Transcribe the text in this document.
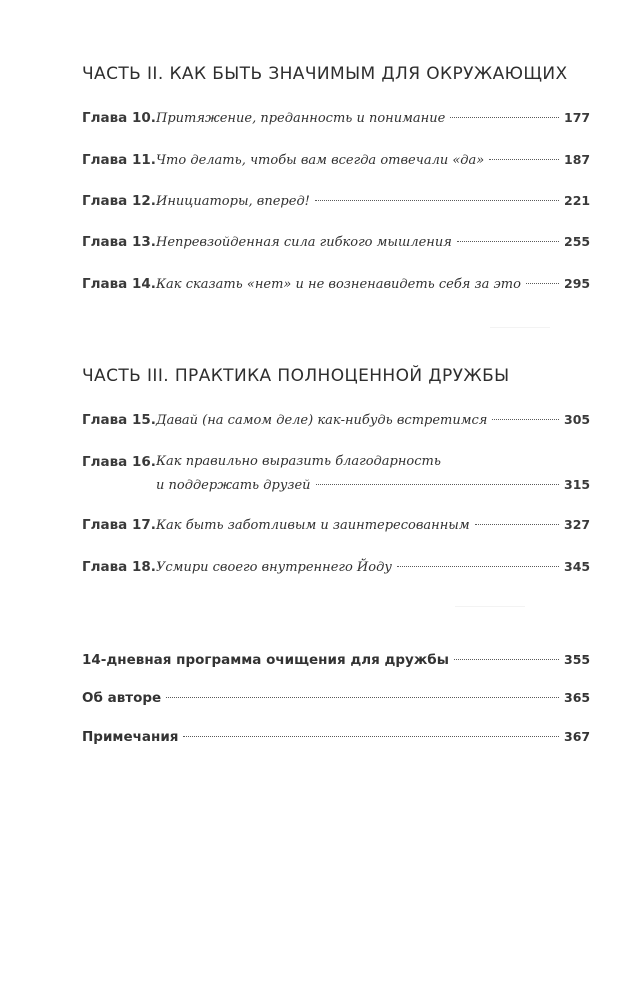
ЧАСТЬ II. КАК БЫТЬ ЗНАЧИМЫМ ДЛЯ ОКРУЖАЮЩИХ
Глава 10. Притяжение, преданность и понимание	177
Глава 11. Что делать, чтобы вам всегда отвечали «да»	187
Глава 12. Инициаторы, вперед!	221
Глава 13. Непревзойденная сила гибкого мышления	255
Глава 14. Как сказать «нет» и не возненавидеть себя за это	295
ЧАСТЬ III. ПРАКТИКА ПОЛНОЦЕННОЙ ДРУЖБЫ
Глава 15. Давай (на самом деле) как-нибудь встретимся	305
Глава 16. Как правильно выразить благодарность
и поддержать друзей	315
Глава 17. Как быть заботливым и заинтересованным	327
Глава 18. Усмири своего внутреннего Йоду	345
14-дневная программа очищения для дружбы	355
Об авторе	365
Примечания	367
